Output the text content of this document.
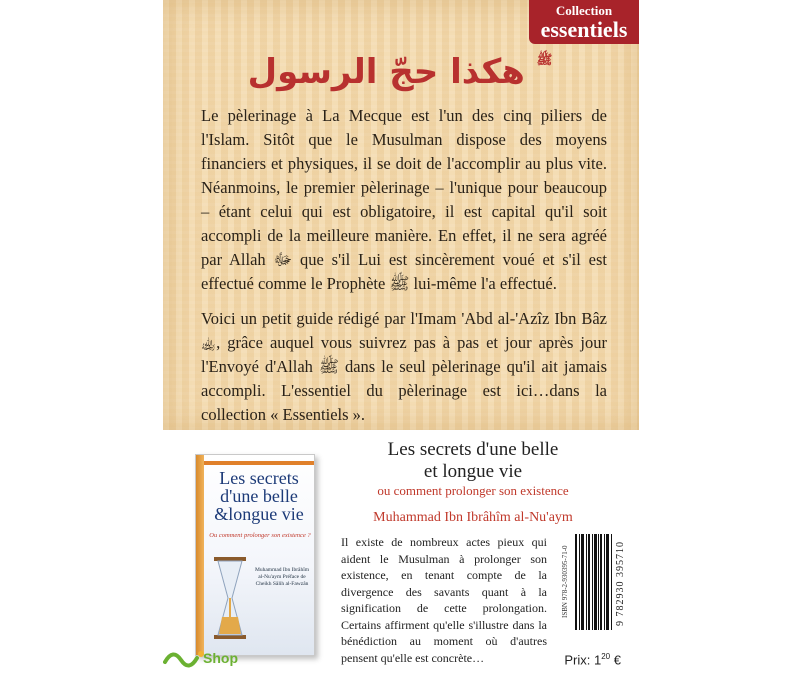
Collection
essentiels
$^ﷺ$ هكذا حجّ الرسول
Le pèlerinage à La Mecque est l'un des cinq piliers de l'Islam. Sitôt que le Musulman dispose des moyens financiers et physiques, il se doit de l'accomplir au plus vite. Néanmoins, le premier pèlerinage – l'unique pour beaucoup – étant celui qui est obligatoire, il est capital qu'il soit accompli de la meilleure manière. En effet, il ne sera agréé par Allah ﷻ que s'il Lui est sincèrement voué et s'il est effectué comme le Prophète ﷺ lui-même l'a effectué.
Voici un petit guide rédigé par l'Imam 'Abd al-'Azîz Ibn Bâz ﵀, grâce auquel vous suivrez pas à pas et jour après jour l'Envoyé d'Allah ﷺ dans le seul pèlerinage qu'il ait jamais accompli. L'essentiel du pèlerinage est ici…dans la collection « Essentiels ».
Les secrets
d'une belle
&longue vie
Ou comment prolonger son existence ?
Muhammad Ibn Ibrâhîm al-Nu'aym Préface de Cheikh Sâlih al-Fawzân
Les secrets d'une belle
et longue vie
ou comment prolonger son existence
Muhammad Ibn Ibrâhîm al-Nu'aym
Il existe de nombreux actes pieux qui aident le Musulman à prolonger son existence, en tenant compte de la divergence des savants quant à la signification de cette prolongation. Certains affirment qu'elle s'illustre dans la bénédiction au moment où d'autres pensent qu'elle est concrète…
ISBN 978-2-930395-71-0	9 782930 395710
Prix: $1^{20}$ €
Shop
